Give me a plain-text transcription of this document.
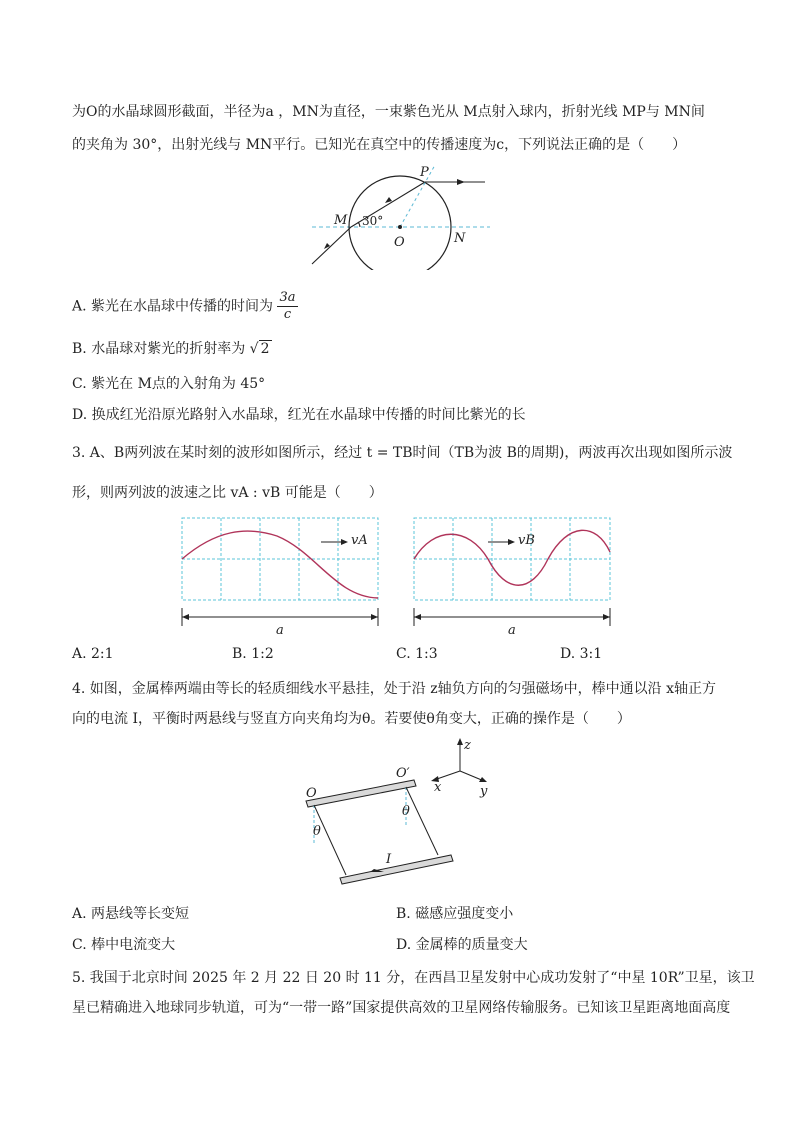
为O的水晶球圆形截面，半径为a ，MN为直径，一束紫色光从 M点射入球内，折射光线 MP与 MN间
的夹角为 30°，出射光线与 MN平行。已知光在真空中的传播速度为c，下列说法正确的是（　　）
P
M
O	N
30°
A. 紫光在水晶球中传播的时间为 $\frac{3a}{c}$
B. 水晶球对紫光的折射率为 √ 2
C. 紫光在 M点的入射角为 45°
D. 换成红光沿原光路射入水晶球，红光在水晶球中传播的时间比紫光的长
3. A、B两列波在某时刻的波形如图所示，经过 t = TB时间（TB为波 B的周期)，两波再次出现如图所示波
形，则两列波的波速之比 vA : vB 可能是（　　）
vA	vB
a	a
A. 2:1	B. 1:2	C. 1:3	D. 3:1
4. 如图，金属棒两端由等长的轻质细线水平悬挂，处于沿 z轴负方向的匀强磁场中，棒中通以沿 x轴正方
向的电流 I，平衡时两悬线与竖直方向夹角均为θ。若要使θ角变大，正确的操作是（　　）
z
x	y
O
O′
θ
θ
I
A. 两悬线等长变短	B. 磁感应强度变小
C. 棒中电流变大	D. 金属棒的质量变大
5. 我国于北京时间 2025 年 2 月 22 日 20 时 11 分，在西昌卫星发射中心成功发射了“中星 10R”卫星，该卫
星已精确进入地球同步轨道，可为“一带一路”国家提供高效的卫星网络传输服务。已知该卫星距离地面高度
